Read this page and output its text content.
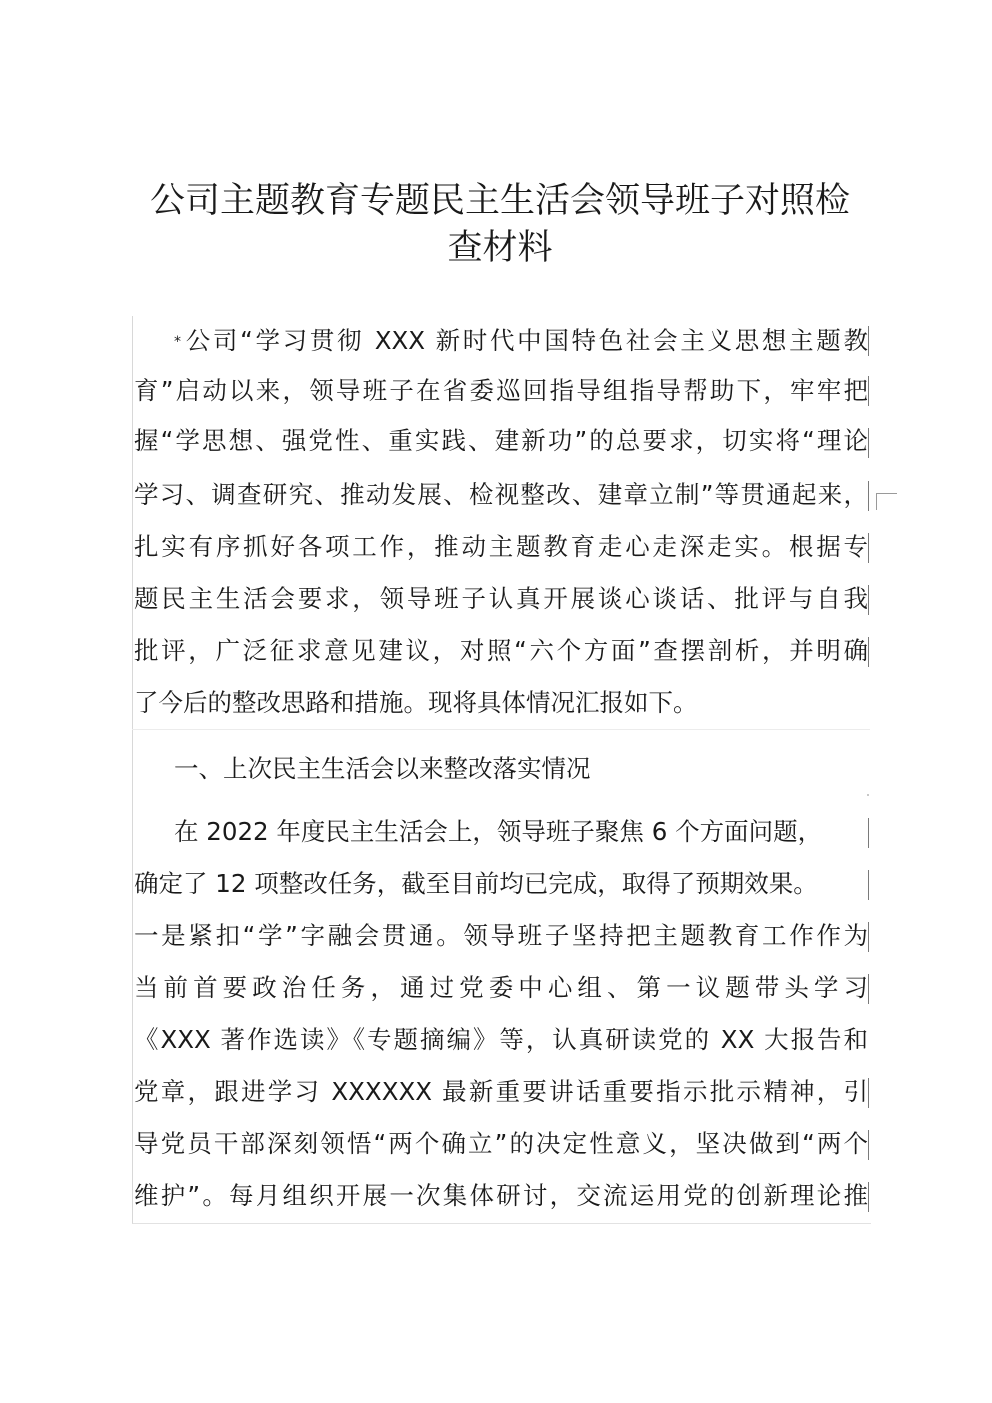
公司主题教育专题民主生活会领导班子对照检
查材料
*公司“学习贯彻 XXX 新时代中国特色社会主义思想主题教
育”启动以来，领导班子在省委巡回指导组指导帮助下，牢牢把
握“学思想、强党性、重实践、建新功”的总要求，切实将“理论
学习、调查研究、推动发展、检视整改、建章立制”等贯通起来，
扎实有序抓好各项工作，推动主题教育走心走深走实。根据专
题民主生活会要求，领导班子认真开展谈心谈话、批评与自我
批评，广泛征求意见建议，对照“六个方面”查摆剖析，并明确
了今后的整改思路和措施。现将具体情况汇报如下。
一、上次民主生活会以来整改落实情况
在 2022 年度民主生活会上，领导班子聚焦 6 个方面问题，
确定了 12 项整改任务，截至目前均已完成，取得了预期效果。
一是紧扣“学”字融会贯通。领导班子坚持把主题教育工作作为
当前首要政治任务，通过党委中心组、第一议题带头学习
《XXX 著作选读》《专题摘编》等，认真研读党的 XX 大报告和
党章，跟进学习 XXXXXX 最新重要讲话重要指示批示精神，引
导党员干部深刻领悟“两个确立”的决定性意义，坚决做到“两个
维护”。每月组织开展一次集体研讨，交流运用党的创新理论推
